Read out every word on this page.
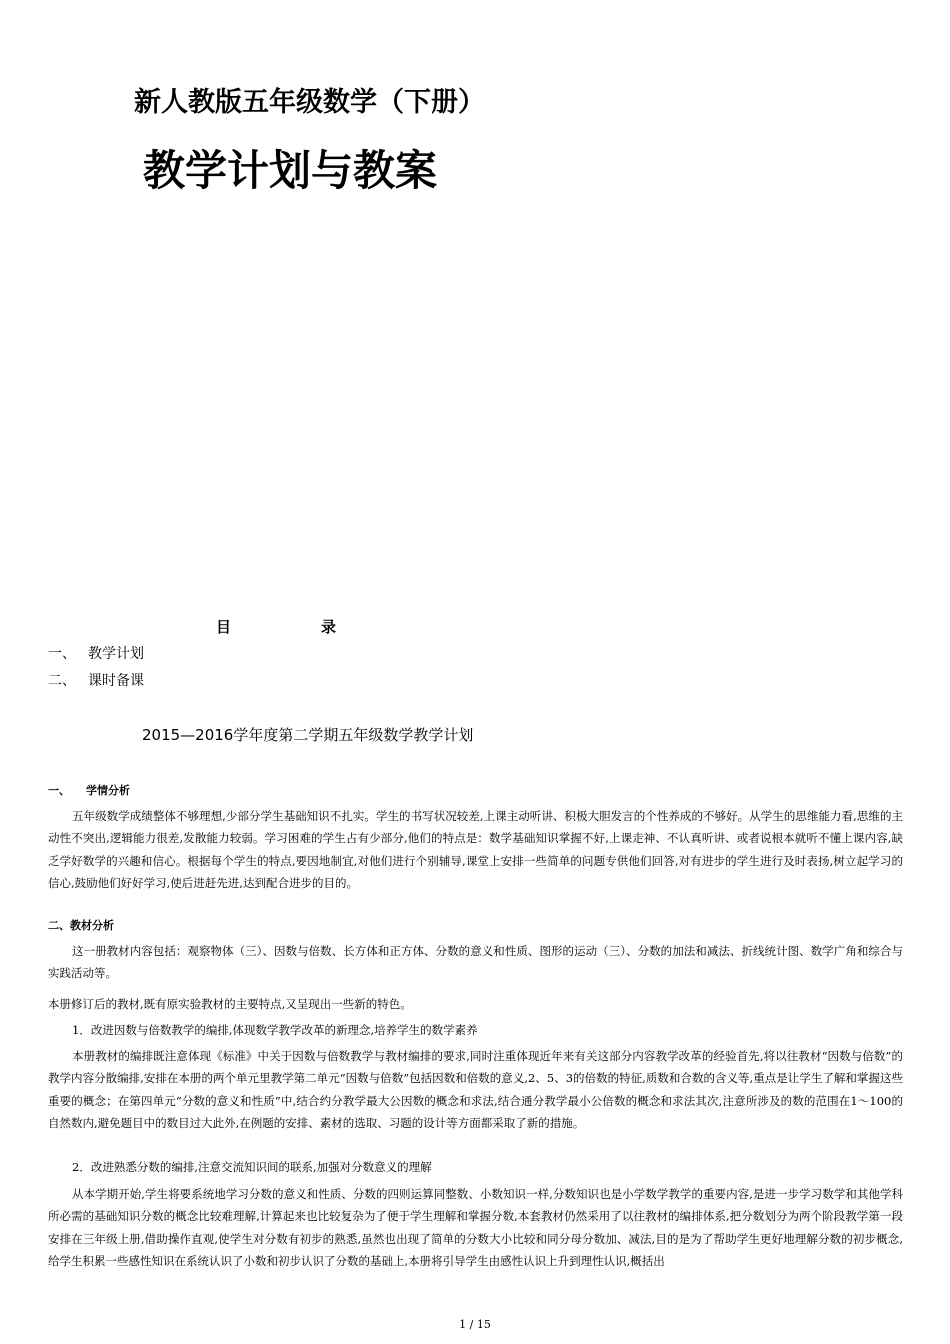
新人教版五年级数学（下册）
教学计划与教案
目	录
一、 教学计划
二、 课时备课
2015—2016学年度第二学期五年级数学教学计划
一、 学情分析
五年级数学成绩整体不够理想,少部分学生基础知识不扎实。学生的书写状况较差,上课主动听讲、积极大胆发言的个性养成的不够好。从学生的思维能力看,思维的主动性不突出,逻辑能力很差,发散能力较弱。学习困难的学生占有少部分,他们的特点是：数学基础知识掌握不好,上课走神、不认真听讲、或者说根本就听不懂上课内容,缺乏学好数学的兴趣和信心。根据每个学生的特点,要因地制宜,对他们进行个别辅导,课堂上安排一些简单的问题专供他们回答,对有进步的学生进行及时表扬,树立起学习的信心,鼓励他们好好学习,使后进赶先进,达到配合进步的目的。
二、教材分析
这一册教材内容包括：观察物体（三）、因数与倍数、长方体和正方体、分数的意义和性质、图形的运动（三）、分数的加法和减法、折线统计图、数学广角和综合与实践活动等。
本册修订后的教材,既有原实验教材的主要特点,又呈现出一些新的特色。
1．改进因数与倍数教学的编排,体现数学教学改革的新理念,培养学生的数学素养
本册教材的编排既注意体现《标准》中关于因数与倍数教学与教材编排的要求,同时注重体现近年来有关这部分内容教学改革的经验首先,将以往教材“因数与倍数”的教学内容分散编排,安排在本册的两个单元里教学第二单元“因数与倍数”包括因数和倍数的意义,2、5、3的倍数的特征,质数和合数的含义等,重点是让学生了解和掌握这些重要的概念；在第四单元“分数的意义和性质”中,结合约分教学最大公因数的概念和求法,结合通分教学最小公倍数的概念和求法其次,注意所涉及的数的范围在1～100的自然数内,避免题目中的数目过大此外,在例题的安排、素材的选取、习题的设计等方面都采取了新的措施。
2．改进熟悉分数的编排,注意交流知识间的联系,加强对分数意义的理解
从本学期开始,学生将要系统地学习分数的意义和性质、分数的四则运算同整数、小数知识一样,分数知识也是小学数学教学的重要内容,是进一步学习数学和其他学科所必需的基础知识分数的概念比较难理解,计算起来也比较复杂为了便于学生理解和掌握分数,本套教材仍然采用了以往教材的编排体系,把分数划分为两个阶段教学第一段安排在三年级上册,借助操作直观,使学生对分数有初步的熟悉,虽然也出现了简单的分数大小比较和同分母分数加、减法,目的是为了帮助学生更好地理解分数的初步概念,给学生积累一些感性知识在系统认识了小数和初步认识了分数的基础上,本册将引导学生由感性认识上升到理性认识,概括出
1 / 15
